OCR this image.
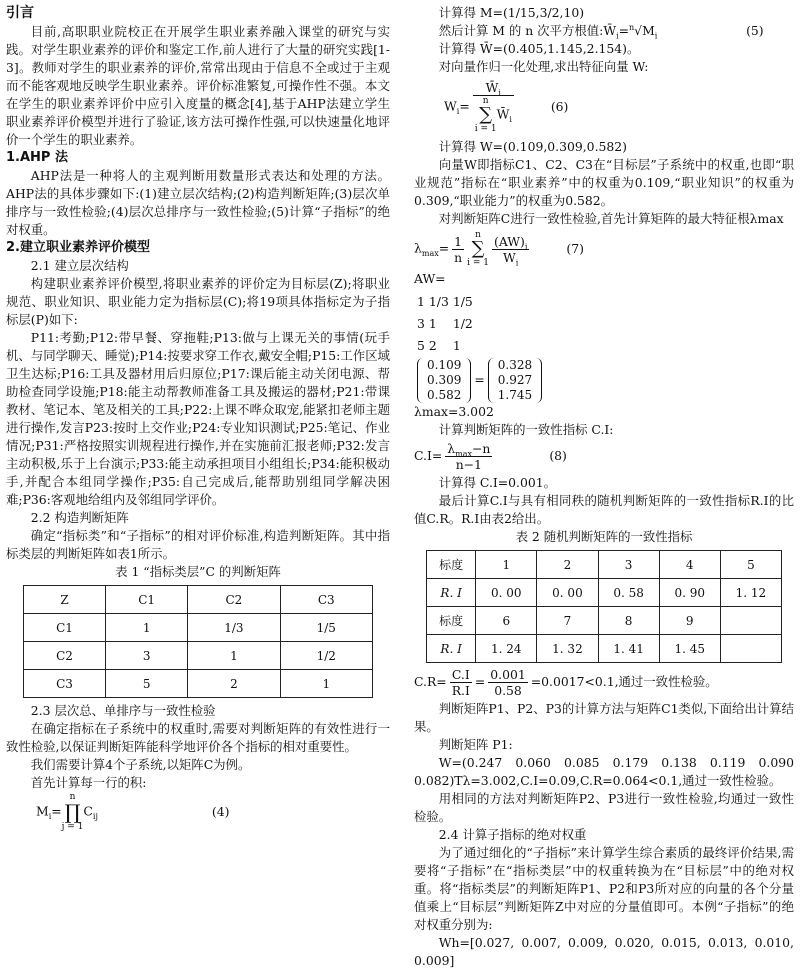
引言

目前,高职职业院校正在开展学生职业素养融入课堂的研究与实践。对学生职业素养的评价和鉴定工作,前人进行了大量的研究实践[1-3]。教师对学生的职业素养的评价,常常出现由于信息不全或过于主观而不能客观地反映学生职业素养。评价标准繁复,可操作性不强。本文在学生的职业素养评价中应引入度量的概念[4],基于AHP法建立学生职业素养评价模型并进行了验证,该方法可操作性强,可以快速量化地评价一个学生的职业素养。

1.AHP 法

AHP法是一种将人的主观判断用数量形式表达和处理的方法。AHP法的具体步骤如下:(1)建立层次结构;(2)构造判断矩阵;(3)层次单排序与一致性检验;(4)层次总排序与一致性检验;(5)计算“子指标”的绝对权重。

2.建立职业素养评价模型

2.1 建立层次结构

构建职业素养评价模型,将职业素养的评价定为目标层(Z);将职业规范、职业知识、职业能力定为指标层(C);将19项具体指标定为子指标层(P)如下:

P11:考勤;P12:带早餐、穿拖鞋;P13:做与上课无关的事情(玩手机、与同学聊天、睡觉);P14:按要求穿工作衣,戴安全帽;P15:工作区域卫生达标;P16:工具及器材用后归原位;P17:课后能主动关闭电源、帮助检查同学设施;P18:能主动帮教师准备工具及搬运的器材;P21:带课教材、笔记本、笔及相关的工具;P22:上课不哗众取宠,能紧扣老师主题进行操作,发言P23:按时上交作业;P24:专业知识测试;P25:笔记、作业情况;P31:严格按照实训规程进行操作,并在实施前汇报老师;P32:发言主动积极,乐于上台演示;P33:能主动承担项目小组组长;P34:能积极动手,并配合本组同学操作;P35:自己完成后,能帮助别组同学解决困难;P36:客观地给组内及邻组同学评价。

2.2 构造判断矩阵

确定“指标类”和“子指标”的相对评价标准,构造判断矩阵。其中指标类层的判断矩阵如表1所示。

表 1 “指标类层”C 的判断矩阵

Z	C1	C2	C3
C1	1	1/3	1/5
C2	3	1	1/2
C3	5	2	1

2.3 层次总、单排序与一致性检验

在确定指标在子系统中的权重时,需要对判断矩阵的有效性进行一致性检验,以保证判断矩阵能科学地评价各个指标的相对重要性。

我们需要计算4个子系统,以矩阵C为例。

首先计算每一行的积:

$M_i=$
n
∏
j = 1
$C_{ij}$	(4)

计算得 M=(1/15,3/2,10)

然后计算 M 的 n 次平方根值$:W̄_i=^n√M_i$	(5)

计算得 W̄=(0.405,1.145,2.154)。

对向量作归一化处理,求出特征向量 W:

$W_i=$ $W̄_i$
n
∑
i = 1
$W̄_i$	(6)

计算得 W=(0.109,0.309,0.582)

向量W即指标C1、C2、C3在“目标层”子系统中的权重,也即“职业规范”指标在“职业素养”中的权重为0.109,“职业知识”的权重为0.309,“职业能力”的权重为0.582。

对判断矩阵C进行一致性检验,首先计算矩阵的最大特征根λmax

$\lambda_{max}= \frac{1}{n}$	n
∑
$i = 1 \frac{(AW)_i}{W_i}$	(7)

AW=

1	1/3	1/5
3	1	1/2
5	2	1
0.109
0.309
0.582
=
0.328
0.927
1.745

λmax=3.002

计算判断矩阵的一致性指标 C.I:

$C.I= \frac{\lambda_{max}-n}{n-1}$	(8)

计算得 C.I=0.001。

最后计算C.I与具有相同秩的随机判断矩阵的一致性指标R.I的比值C.R。R.I由表2给出。

表 2 随机判断矩阵的一致性指标

标度	1	2	3	4	5
R. I	0. 00	0. 00	0. 58	0. 90	1. 12
标度	6	7	8	9	
R. I	1. 24	1. 32	1. 41	1. 45	

$C.R= \frac{C.I}{R.I} = \frac{0.001}{0.58} =0.0017<0.1$,通过一致性检验。

判断矩阵P1、P2、P3的计算方法与矩阵C1类似,下面给出计算结果。

判断矩阵 P1:

W=(0.247 0.060 0.085 0.179 0.138 0.119 0.090 0.082)Tλ=3.002,C.I=0.09,C.R=0.064<0.1,通过一致性检验。

用相同的方法对判断矩阵P2、P3进行一致性检验,均通过一致性检验。

2.4 计算子指标的绝对权重

为了通过细化的“子指标”来计算学生综合素质的最终评价结果,需要将“子指标”在“指标类层”中的权重转换为在“目标层”中的绝对权重。将“指标类层”的判断矩阵P1、P2和P3所对应的向量的各个分量值乘上“目标层”判断矩阵Z中对应的分量值即可。本例“子指标”的绝对权重分别为:

Wh=[0.027, 0.007, 0.009, 0.020, 0.015, 0.013, 0.010, 0.009]
